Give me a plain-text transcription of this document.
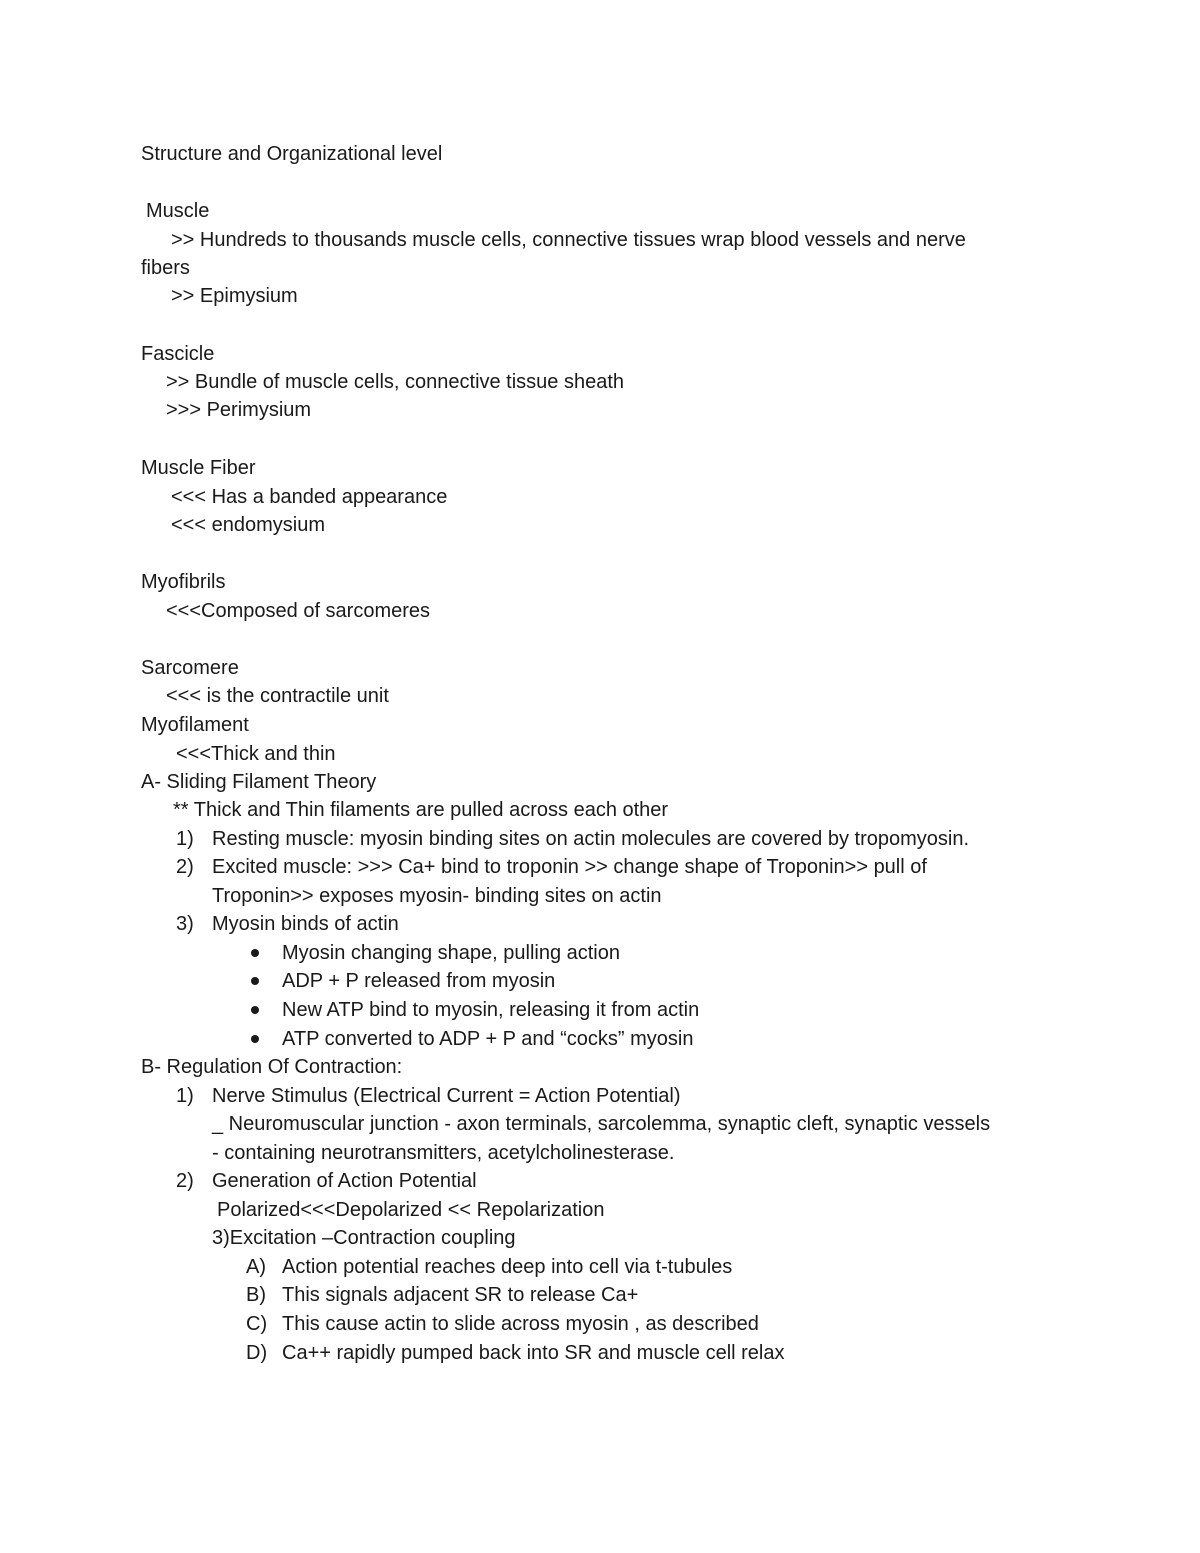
Structure and Organizational level
Muscle
>> Hundreds to thousands muscle cells, connective tissues wrap blood vessels and nerve
fibers
>> Epimysium
Fascicle
>> Bundle of muscle cells, connective tissue sheath
>>> Perimysium
Muscle Fiber
<<< Has a banded appearance
<<< endomysium
Myofibrils
<<<Composed of sarcomeres
Sarcomere
<<< is the contractile unit
Myofilament
<<<Thick and thin
A- Sliding Filament Theory
** Thick and Thin filaments are pulled across each other
1) Resting muscle: myosin binding sites on actin molecules are covered by tropomyosin.
2) Excited muscle: >>> Ca+ bind to troponin >> change shape of Troponin>> pull of
Troponin>> exposes myosin- binding sites on actin
3) Myosin binds of actin
Myosin changing shape, pulling action
ADP + P released from myosin
New ATP bind to myosin, releasing it from actin
ATP converted to ADP + P and “cocks” myosin
B- Regulation Of Contraction:
1) Nerve Stimulus (Electrical Current = Action Potential)
_ Neuromuscular junction - axon terminals, sarcolemma, synaptic cleft, synaptic vessels
- containing neurotransmitters, acetylcholinesterase.
2) Generation of Action Potential
Polarized<<<Depolarized << Repolarization
3)Excitation –Contraction coupling
A) Action potential reaches deep into cell via t-tubules
B) This signals adjacent SR to release Ca+
C) This cause actin to slide across myosin , as described
D) Ca++ rapidly pumped back into SR and muscle cell relax
